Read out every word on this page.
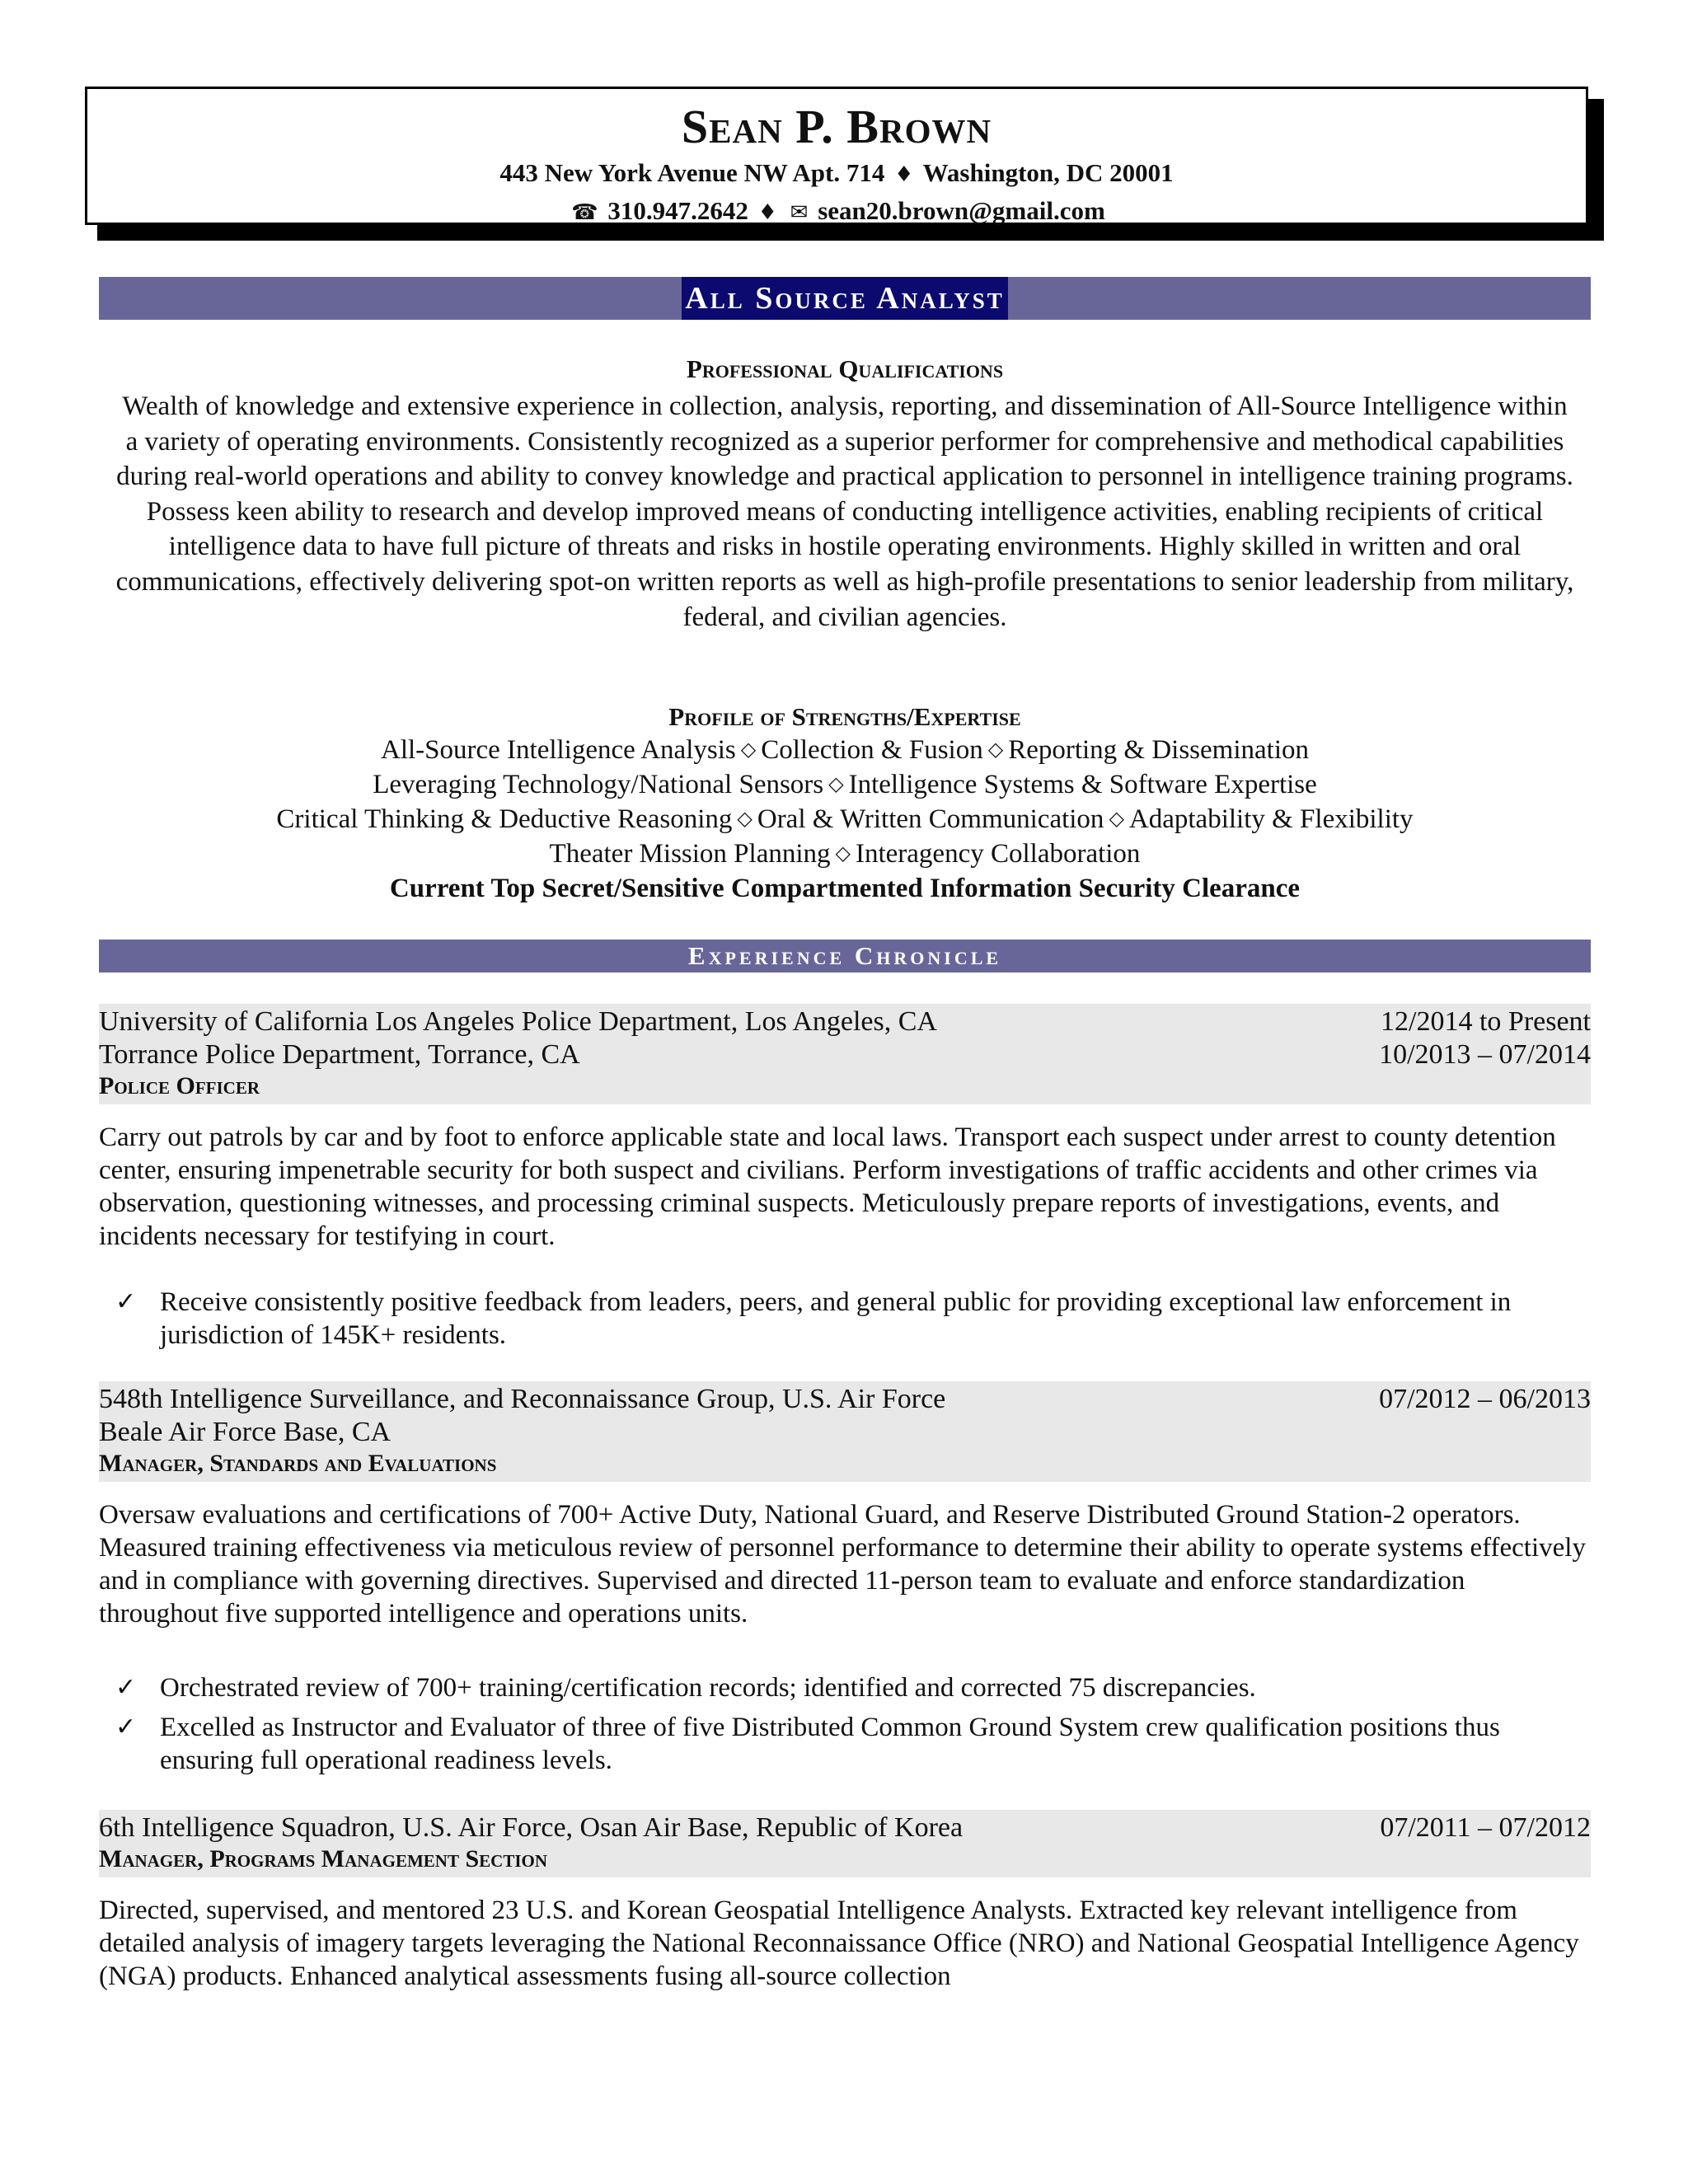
Sean P. Brown
443 New York Avenue NW Apt. 714 ♦ Washington, DC 20001
☎ 310.947.2642 ♦ ✉ sean20.brown@gmail.com
All Source Analyst
Professional Qualifications
Wealth of knowledge and extensive experience in collection, analysis, reporting, and dissemination of All-Source Intelligence within a variety of operating environments. Consistently recognized as a superior performer for comprehensive and methodical capabilities during real-world operations and ability to convey knowledge and practical application to personnel in intelligence training programs. Possess keen ability to research and develop improved means of conducting intelligence activities, enabling recipients of critical intelligence data to have full picture of threats and risks in hostile operating environments. Highly skilled in written and oral communications, effectively delivering spot-on written reports as well as high-profile presentations to senior leadership from military, federal, and civilian agencies.
Profile of Strengths/Expertise
All-Source Intelligence Analysis ◇ Collection & Fusion ◇ Reporting & Dissemination
Leveraging Technology/National Sensors ◇ Intelligence Systems & Software Expertise
Critical Thinking & Deductive Reasoning ◇ Oral & Written Communication ◇ Adaptability & Flexibility
Theater Mission Planning ◇ Interagency Collaboration
Current Top Secret/Sensitive Compartmented Information Security Clearance
Experience Chronicle
University of California Los Angeles Police Department, Los Angeles, CA	12/2014 to Present
Torrance Police Department, Torrance, CA	10/2013 – 07/2014
Police Officer
Carry out patrols by car and by foot to enforce applicable state and local laws. Transport each suspect under arrest to county detention center, ensuring impenetrable security for both suspect and civilians. Perform investigations of traffic accidents and other crimes via observation, questioning witnesses, and processing criminal suspects. Meticulously prepare reports of investigations, events, and incidents necessary for testifying in court.
✓ Receive consistently positive feedback from leaders, peers, and general public for providing exceptional law enforcement in jurisdiction of 145K+ residents.
548th Intelligence Surveillance, and Reconnaissance Group, U.S. Air Force	07/2012 – 06/2013
Beale Air Force Base, CA
Manager, Standards and Evaluations
Oversaw evaluations and certifications of 700+ Active Duty, National Guard, and Reserve Distributed Ground Station-2 operators. Measured training effectiveness via meticulous review of personnel performance to determine their ability to operate systems effectively and in compliance with governing directives. Supervised and directed 11-person team to evaluate and enforce standardization throughout five supported intelligence and operations units.
✓ Orchestrated review of 700+ training/certification records; identified and corrected 75 discrepancies.
✓ Excelled as Instructor and Evaluator of three of five Distributed Common Ground System crew qualification positions thus ensuring full operational readiness levels.
6th Intelligence Squadron, U.S. Air Force, Osan Air Base, Republic of Korea	07/2011 – 07/2012
Manager, Programs Management Section
Directed, supervised, and mentored 23 U.S. and Korean Geospatial Intelligence Analysts. Extracted key relevant intelligence from detailed analysis of imagery targets leveraging the National Reconnaissance Office (NRO) and National Geospatial Intelligence Agency (NGA) products. Enhanced analytical assessments fusing all-source collection
